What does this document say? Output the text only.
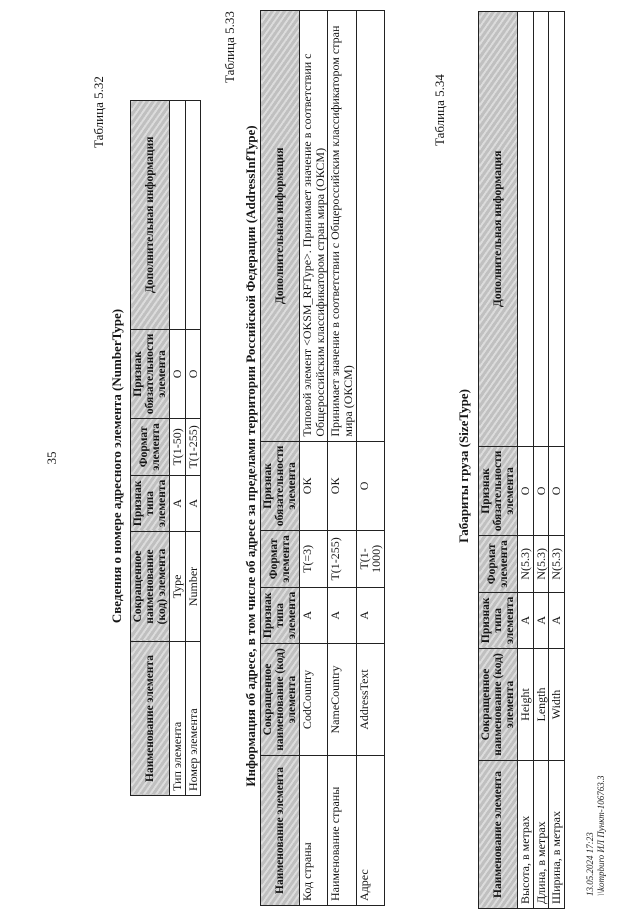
35
Таблица 5.32
Сведения о номере адресного элемента (NumberType)
Наименование элемента	Сокращенное наименование (код) элемента	Признак типа элемента	Формат элемента	Признак обязательности элемента	Дополнительная информация
Тип элемента	Type	A	T(1-50)	O	
Номер элемента	Number	A	T(1-255)	O	
Таблица 5.33
Информация об адресе, в том числе об адресе за пределами территории Российской Федерации (AddressInfType)
Наименование элемента	Сокращенное наименование (код) элемента	Признак типа элемента	Формат элемента	Признак обязательности элемента	Дополнительная информация
Код страны	CodCountry	A	T(=3)	ОК	Типовой элемент <OKSM_RFType>. Принимает значение в соответствии с Общероссийским классификатором стран мира (ОКСМ)
Наименование страны	NameCountry	A	T(1-255)	ОК	Принимает значение в соответствии с Общероссийским классификатором стран мира (ОКСМ)
Адрес	AddressText	A	T(1-1000)	O	
Таблица 5.34
Габариты груза (SizeType)
Наименование элемента	Сокращенное наименование (код) элемента	Признак типа элемента	Формат элемента	Признак обязательности элемента	Дополнительная информация
Высота, в метрах	Height	A	N(5.3)	O	
Длина, в метрах	Length	A	N(5.3)	O	
Ширина, в метрах	Width	A	N(5.3)	O	
13.05.2024 17:23 \\kompburo ИЛ Пункт-106763.3
